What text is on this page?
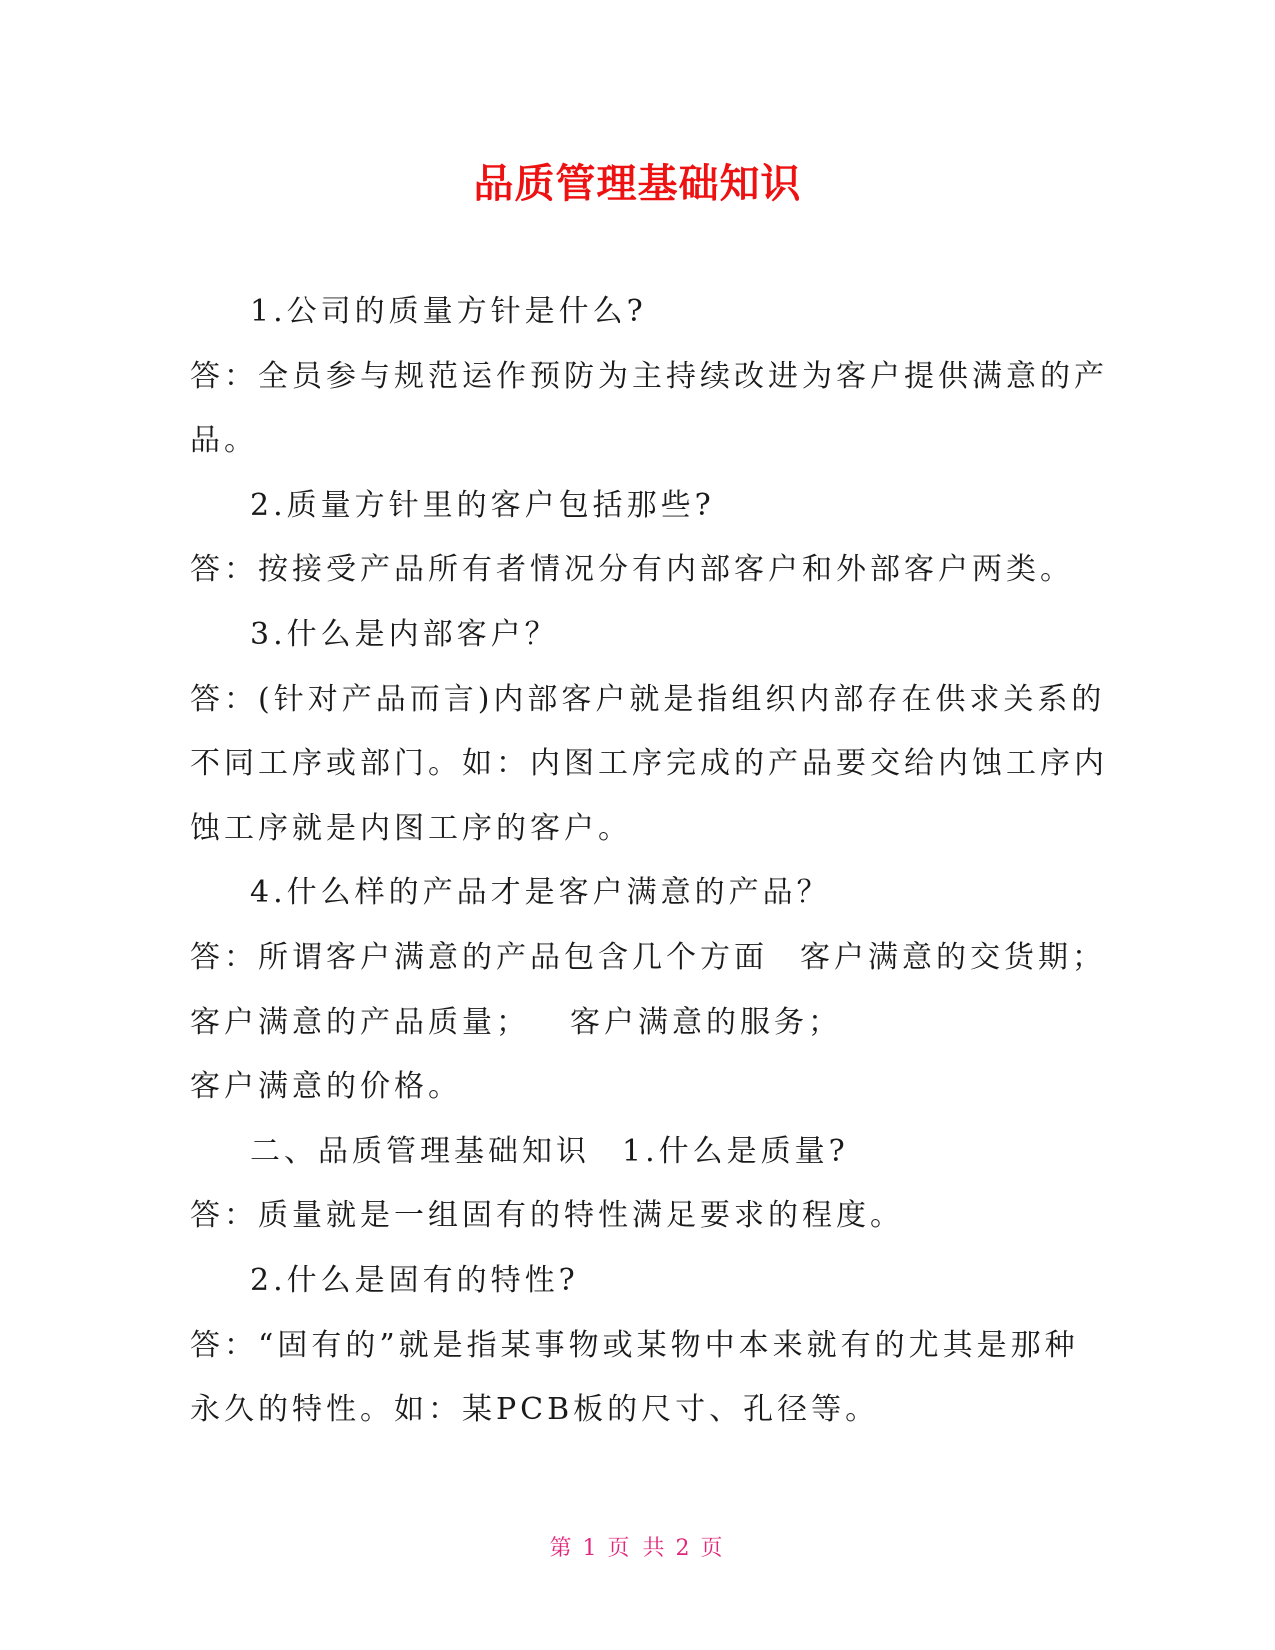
品质管理基础知识
1.公司的质量方针是什么?
答：全员参与规范运作预防为主持续改进为客户提供满意的产
品。
2.质量方针里的客户包括那些?
答：按接受产品所有者情况分有内部客户和外部客户两类。
3.什么是内部客户？
答：(针对产品而言)内部客户就是指组织内部存在供求关系的
不同工序或部门。如：内图工序完成的产品要交给内蚀工序内
蚀工序就是内图工序的客户。
4.什么样的产品才是客户满意的产品？
答：所谓客户满意的产品包含几个方面 客户满意的交货期；
客户满意的产品质量； 客户满意的服务；
客户满意的价格。
二、品质管理基础知识 1.什么是质量?
答：质量就是一组固有的特性满足要求的程度。
2.什么是固有的特性?
答：“固有的”就是指某事物或某物中本来就有的尤其是那种
永久的特性。如：某PCB板的尺寸、孔径等。
第 1 页 共 2 页
